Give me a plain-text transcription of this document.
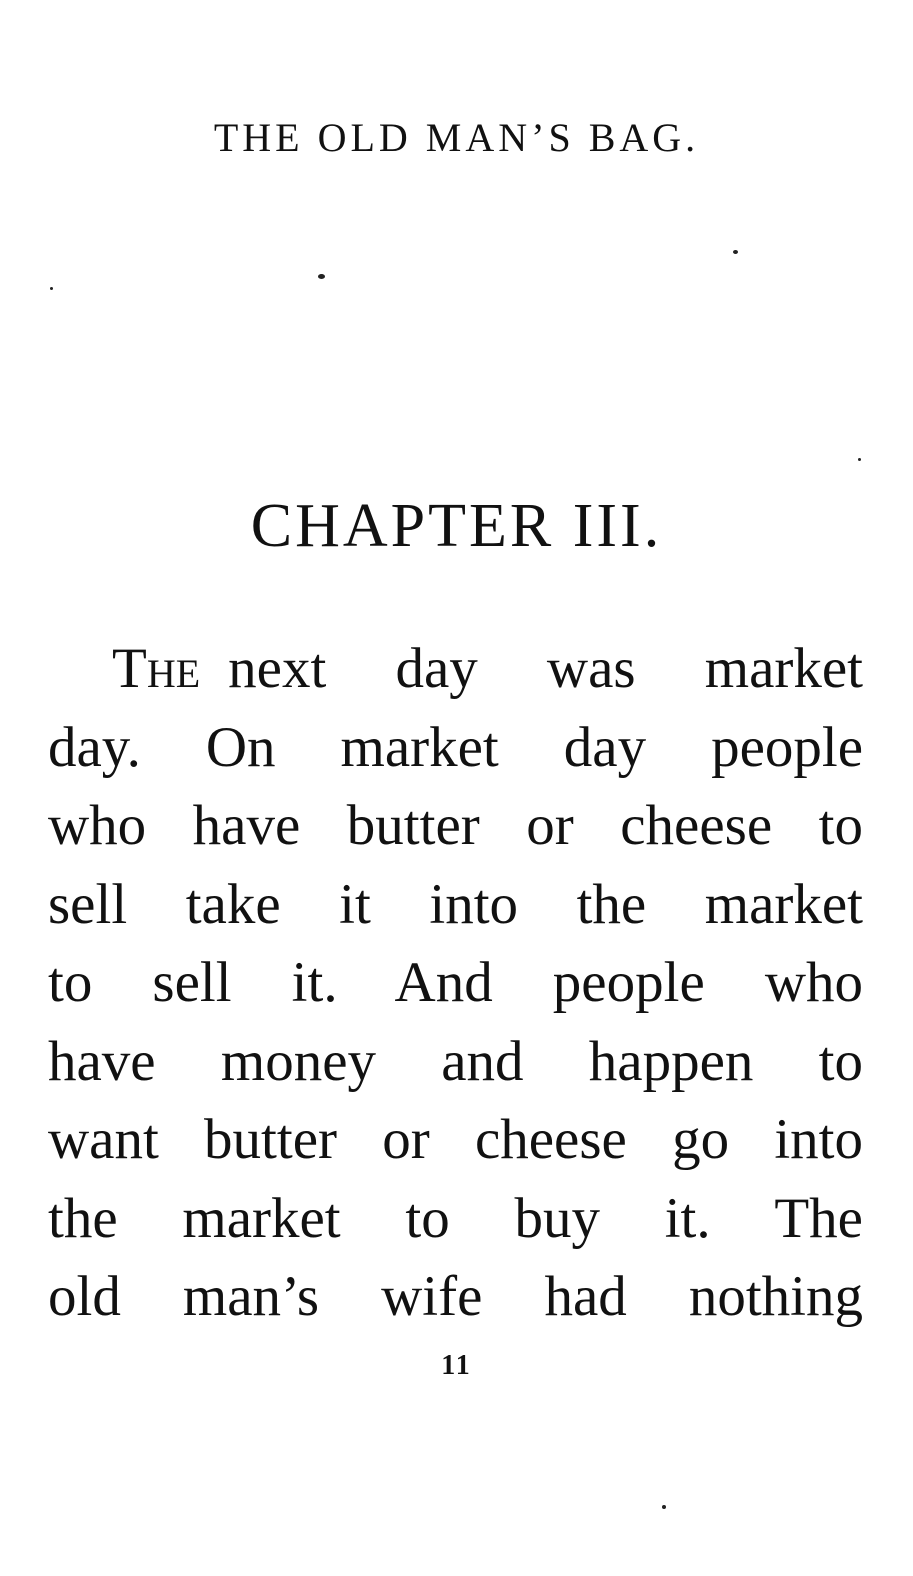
THE OLD MAN’S BAG.
CHAPTER III.
The next day was market
day. On market day people
who have butter or cheese to
sell take it into the market
to sell it. And people who
have money and happen to
want butter or cheese go into
the market to buy it. The
old man’s wife had nothing
11
